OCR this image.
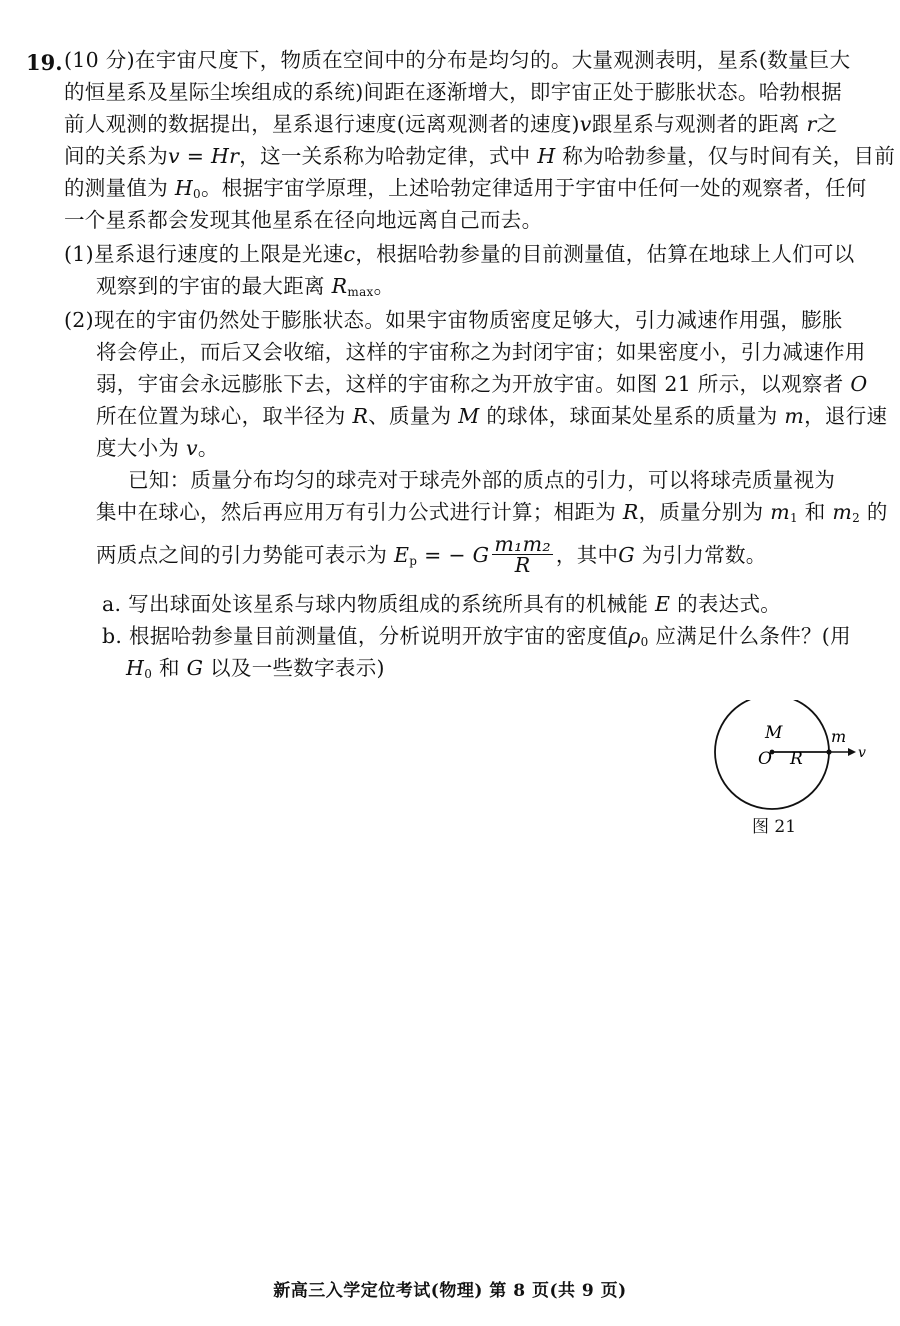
19. (10 分)在宇宙尺度下，物质在空间中的分布是均匀的。大量观测表明，星系(数量巨大
的恒星系及星际尘埃组成的系统)间距在逐渐增大，即宇宙正处于膨胀状态。哈勃根据
前人观测的数据提出，星系退行速度(远离观测者的速度)v跟星系与观测者的距离 r之
间的关系为v = Hr，这一关系称为哈勃定律，式中 H 称为哈勃参量，仅与时间有关，目前
的测量值为 $H_0$。根据宇宙学原理，上述哈勃定律适用于宇宙中任何一处的观察者，任何
一个星系都会发现其他星系在径向地远离自己而去。
(1)星系退行速度的上限是光速c，根据哈勃参量的目前测量值，估算在地球上人们可以
观察到的宇宙的最大距离 $R_{max}$。
(2)现在的宇宙仍然处于膨胀状态。如果宇宙物质密度足够大，引力减速作用强，膨胀
将会停止，而后又会收缩，这样的宇宙称之为封闭宇宙；如果密度小，引力减速作用
弱，宇宙会永远膨胀下去，这样的宇宙称之为开放宇宙。如图 21 所示，以观察者 O
所在位置为球心，取半径为 R、质量为 M 的球体，球面某处星系的质量为 m，退行速
度大小为 v。
已知：质量分布均匀的球壳对于球壳外部的质点的引力，可以将球壳质量视为
集中在球心，然后再应用万有引力公式进行计算；相距为 R，质量分别为 $m_1$ 和 $m_2$ 的
两质点之间的引力势能可表示为 $E_p$ = − G $\frac{\text{m₁m₂}}{R}$ ，其中G 为引力常数。
a. 写出球面处该星系与球内物质组成的系统所具有的机械能 E 的表达式。
b. 根据哈勃参量目前测量值，分析说明开放宇宙的密度值$\rho_0$ 应满足什么条件？(用
$H_0$ 和 G 以及一些数字表示)
M
O R
m
v
图 21
新高三入学定位考试(物理) 第 8 页(共 9 页)
